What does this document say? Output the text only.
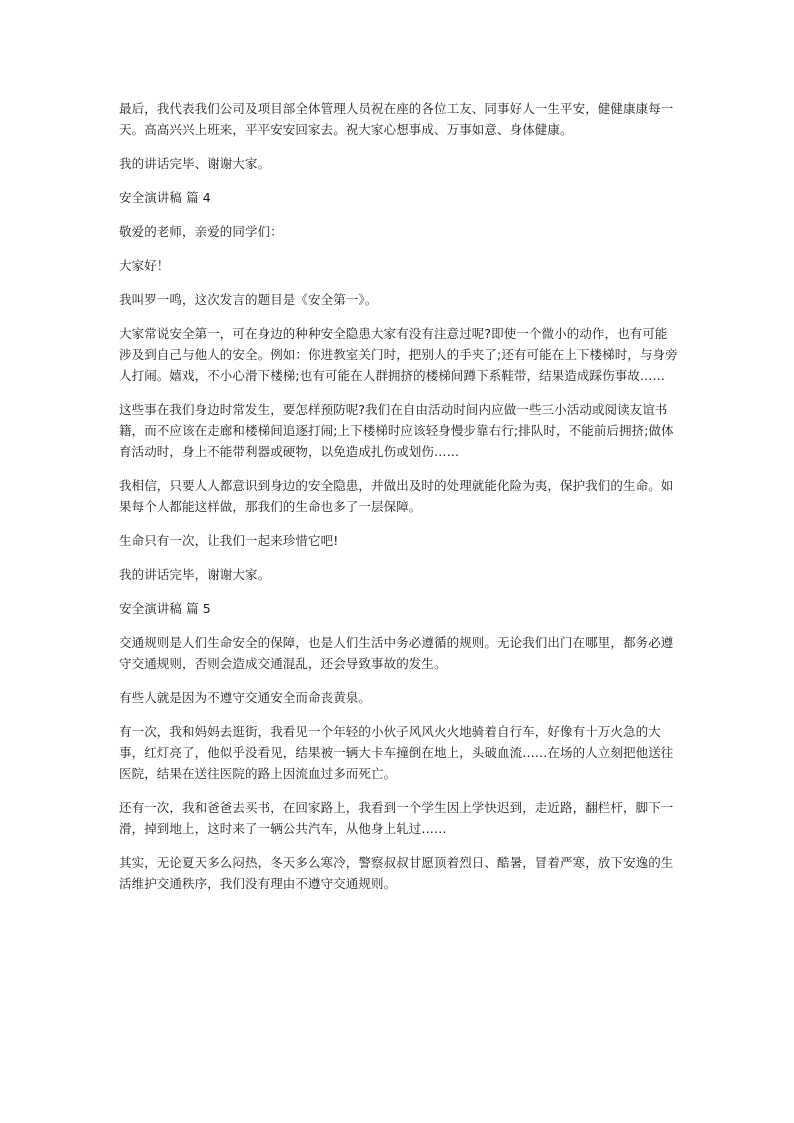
最后，我代表我们公司及项目部全体管理人员祝在座的各位工友、同事好人一生平安，健健康康每一天。高高兴兴上班来，平平安安回家去。祝大家心想事成、万事如意、身体健康。

我的讲话完毕、谢谢大家。

安全演讲稿 篇 4

敬爱的老师，亲爱的同学们：

大家好！

我叫罗一鸣，这次发言的题目是《安全第一》。

大家常说安全第一，可在身边的种种安全隐患大家有没有注意过呢?即使一个微小的动作，也有可能涉及到自己与他人的安全。例如：你进教室关门时，把别人的手夹了;还有可能在上下楼梯时，与身旁人打闹。嬉戏，不小心滑下楼梯;也有可能在人群拥挤的楼梯间蹲下系鞋带，结果造成踩伤事故……

这些事在我们身边时常发生，要怎样预防呢?我们在自由活动时间内应做一些三小活动或阅读友谊书籍，而不应该在走廊和楼梯间追逐打闹;上下楼梯时应该轻身慢步靠右行;排队时，不能前后拥挤;做体育活动时，身上不能带利器或硬物，以免造成扎伤或划伤……

我相信，只要人人都意识到身边的安全隐患，并做出及时的处理就能化险为夷，保护我们的生命。如果每个人都能这样做，那我们的生命也多了一层保障。

生命只有一次，让我们一起来珍惜它吧!

我的讲话完毕，谢谢大家。

安全演讲稿 篇 5

交通规则是人们生命安全的保障，也是人们生活中务必遵循的规则。无论我们出门在哪里，都务必遵守交通规则，否则会造成交通混乱，还会导致事故的发生。

有些人就是因为不遵守交通安全而命丧黄泉。

有一次，我和妈妈去逛街，我看见一个年轻的小伙子风风火火地骑着自行车，好像有十万火急的大事，红灯亮了，他似乎没看见，结果被一辆大卡车撞倒在地上，头破血流……在场的人立刻把他送往医院，结果在送往医院的路上因流血过多而死亡。

还有一次，我和爸爸去买书，在回家路上，我看到一个学生因上学快迟到，走近路，翻栏杆，脚下一滑，掉到地上，这时来了一辆公共汽车，从他身上轧过……

其实，无论夏天多么闷热，冬天多么寒冷，警察叔叔甘愿顶着烈日、酷暑，冒着严寒，放下安逸的生活维护交通秩序，我们没有理由不遵守交通规则。
